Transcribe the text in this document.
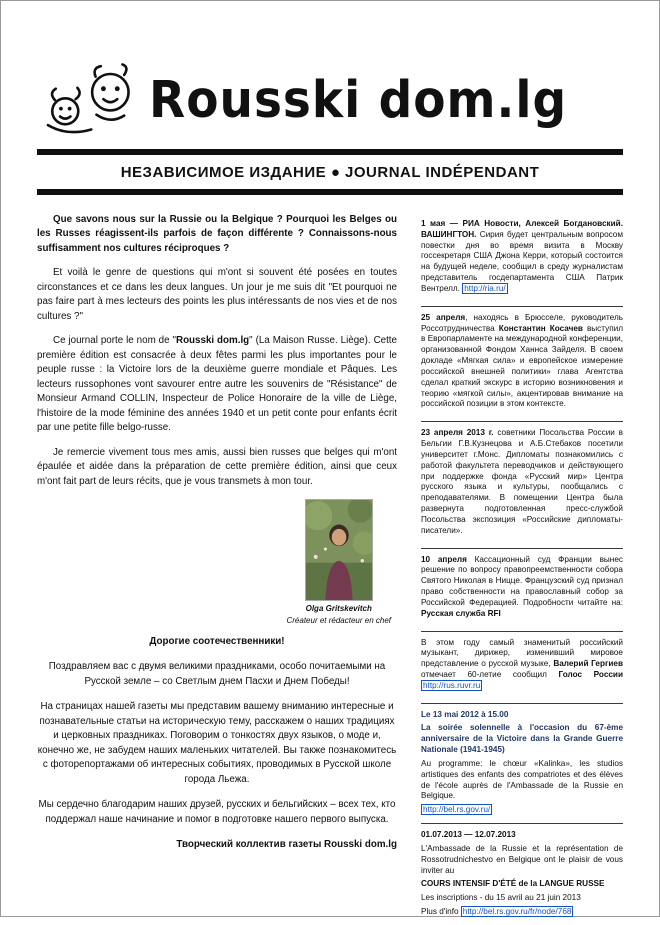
Rousski dom.lg
НЕЗАВИСИМОЕ ИЗДАНИЕ ● JOURNAL INDÉPENDANT

Que savons nous sur la Russie ou la Belgique ? Pourquoi les Belges ou les Russes réagissent-ils parfois de façon différente ? Connaissons-nous suffisamment nos cultures réciproques ?

Et voilà le genre de questions qui m'ont si souvent été posées en toutes circonstances et ce dans les deux langues. Un jour je me suis dit "Et pourquoi ne pas faire part à mes lecteurs des points les plus intéressants de nos vies et de nos cultures ?"

Ce journal porte le nom de "Rousski dom.lg" (La Maison Russe. Liège). Cette première édition est consacrée à deux fêtes parmi les plus importantes pour le peuple russe : la Victoire lors de la deuxième guerre mondiale et Pâques. Les lecteurs russophones vont savourer entre autre les souvenirs de "Résistance" de Monsieur Armand COLLIN, Inspecteur de Police Honoraire de la ville de Liège, l'histoire de la mode féminine des années 1940 et un petit conte pour enfants écrit par une petite fille belgo-russe.

Je remercie vivement tous mes amis, aussi bien russes que belges qui m'ont épaulée et aidée dans la préparation de cette première édition, ainsi que ceux m'ont fait part de leurs récits, que je vous transmets à mon tour.

Olga Gritskevitch
Créateur et rédacteur en chef

Дорогие соотечественники!

Поздравляем вас с двумя великими праздниками, особо почитаемыми на Русской земле – со Светлым днем Пасхи и Днем Победы!

На страницах нашей газеты мы представим вашему вниманию интересные и познавательные статьи на историческую тему, расскажем о наших традициях и церковных праздниках. Поговорим о тонкостях двух языков, о моде и, конечно же, не забудем наших маленьких читателей. Вы также познакомитесь с фоторепортажами об интересных событиях, проводимых в Русской школе города Льежа.

Мы сердечно благодарим наших друзей, русских и бельгийских – всех тех, кто поддержал наше начинание и помог в подготовке нашего первого выпуска.

Творческий коллектив газеты Rousski dom.lg

1 мая — РИА Новости, Алексей Богдановский. ВАШИНГТОН. Сирия будет центральным вопросом повестки дня во время визита в Москву госсекретаря США Джона Керри, который состоится на будущей неделе, сообщил в среду журналистам представитель госдепартамента США Патрик Вентрелл. http://ria.ru/

25 апреля, находясь в Брюсселе, руководитель Россотрудничества Константин Косачев выступил в Европарламенте на международной конференции, организованной Фондом Ханнса Зайделя. В своем докладе «Мягкая сила» и европейское измерение российской внешней политики» глава Агентства сделал краткий экскурс в историю возникновения и теорию «мягкой силы», акцентировав внимание на российской позиции в этом контексте.

23 апреля 2013 г. советники Посольства России в Бельгии Г.В.Кузнецова и А.Б.Стебаков посетили университет г.Монс. Дипломаты познакомились с работой факультета переводчиков и действующего при поддержке фонда «Русский мир» Центра русского языка и культуры, пообщались с преподавателями. В помещении Центра была развернута подготовленная пресс-службой Посольства экспозиция «Российские дипломаты-писатели».

10 апреля Кассационный суд Франции вынес решение по вопросу правопреемственности собора Святого Николая в Ницце. Французский суд признал право собственности на православный собор за Российской Федерацией. Подробности читайте на: Русская служба RFI

В этом году самый знаменитый российский музыкант, дирижер, изменивший мировое представление о русской музыке, Валерий Гергиев отмечает 60-летие сообщил Голос России http://rus.ruvr.ru

Le 13 mai 2012 à 15.00
La soirée solennelle à l'occasion du 67-ème anniversaire de la Victoire dans la Grande Guerre Nationale (1941-1945)
Au programme: le chœur «Kalinka», les studios artistiques des enfants des compatriotes et des élèves de l'école auprès de l'Ambassade de la Russie en Belgique.
http://bel.rs.gov.ru/
01.07.2013 — 12.07.2013
L'Ambassade de la Russie et la représentation de Rossotrudnichestvo en Belgique ont le plaisir de vous inviter au
COURS INTENSIF D'ÉTÉ de la LANGUE RUSSE
Les inscriptions - du 15 avril au 21 juin 2013
Plus d'info http://bel.rs.gov.ru/fr/node/768
